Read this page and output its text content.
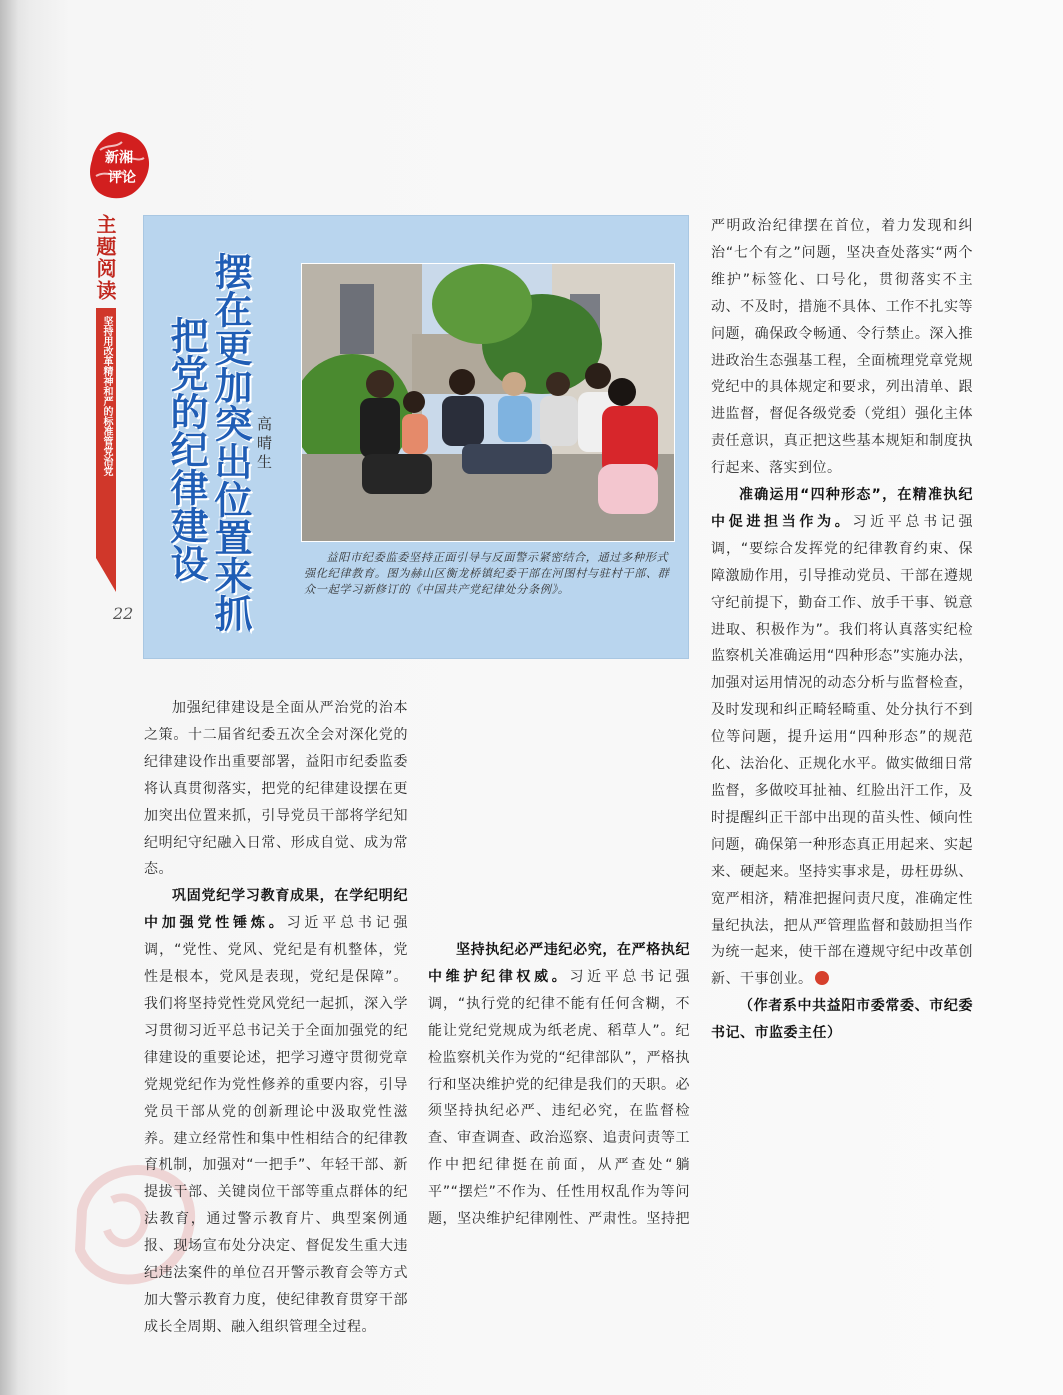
新湘
评论
主题阅读
坚持用改革精神和严的标准管党治党
22 摆在更加突出位置来抓
把党的纪律建设	高晴生
益阳市纪委监委坚持正面引导与反面警示紧密结合，通过多种形式强化纪律教育。图为赫山区衡龙桥镇纪委干部在河图村与驻村干部、群众一起学习新修订的《中国共产党纪律处分条例》。

加强纪律建设是全面从严治党的治本之策。十二届省纪委五次全会对深化党的纪律建设作出重要部署，益阳市纪委监委将认真贯彻落实，把党的纪律建设摆在更加突出位置来抓，引导党员干部将学纪知纪明纪守纪融入日常、形成自觉、成为常态。

巩固党纪学习教育成果，在学纪明纪中加强党性锤炼。习近平总书记强调，“党性、党风、党纪是有机整体，党性是根本，党风是表现，党纪是保障”。我们将坚持党性党风党纪一起抓，深入学习贯彻习近平总书记关于全面加强党的纪律建设的重要论述，把学习遵守贯彻党章党规党纪作为党性修养的重要内容，引导党员干部从党的创新理论中汲取党性滋养。建立经常性和集中性相结合的纪律教育机制，加强对“一把手”、年轻干部、新提拔干部、关键岗位干部等重点群体的纪法教育，通过警示教育片、典型案例通报、现场宣布处分决定、督促发生重大违纪违法案件的单位召开警示教育会等方式加大警示教育力度，使纪律教育贯穿干部成长全周期、融入组织管理全过程。

严明政治纪律摆在首位，着力发现和纠治“七个有之”问题，坚决查处落实“两个维护”标签化、口号化，贯彻落实不主动、不及时，措施不具体、工作不扎实等问题，确保政令畅通、令行禁止。深入推进政治生态强基工程，全面梳理党章党规党纪中的具体规定和要求，列出清单、跟进监督，督促各级党委（党组）强化主体责任意识，真正把这些基本规矩和制度执行起来、落实到位。

准确运用“四种形态”，在精准执纪中促进担当作为。习近平总书记强调，“要综合发挥党的纪律教育约束、保障激励作用，引导推动党员、干部在遵规守纪前提下，勤奋工作、放手干事、锐意进取、积极作为”。我们将认真落实纪检监察机关准确运用“四种形态”实施办法，加强对运用情况的动态分析与监督检查，及时发现和纠正畸轻畸重、处分执行不到位等问题，提升运用“四种形态”的规范化、法治化、正规化水平。做实做细日常监督，多做咬耳扯袖、红脸出汗工作，及时提醒纠正干部中出现的苗头性、倾向性问题，确保第一种形态真正用起来、实起来、硬起来。坚持实事求是，毋枉毋纵、宽严相济，精准把握问责尺度，准确定性量纪执法，把从严管理监督和鼓励担当作为统一起来，使干部在遵规守纪中改革创新、干事创业。

（作者系中共益阳市委常委、市纪委书记、市监委主任）

坚持执纪必严违纪必究，在严格执纪中维护纪律权威。习近平总书记强调，“执行党的纪律不能有任何含糊，不能让党纪党规成为纸老虎、稻草人”。纪检监察机关作为党的“纪律部队”，严格执行和坚决维护党的纪律是我们的天职。必须坚持执纪必严、违纪必究，在监督检查、审查调查、政治巡察、追责问责等工作中把纪律挺在前面，从严查处“躺平”“摆烂”不作为、任性用权乱作为等问题，坚决维护纪律刚性、严肃性。坚持把
